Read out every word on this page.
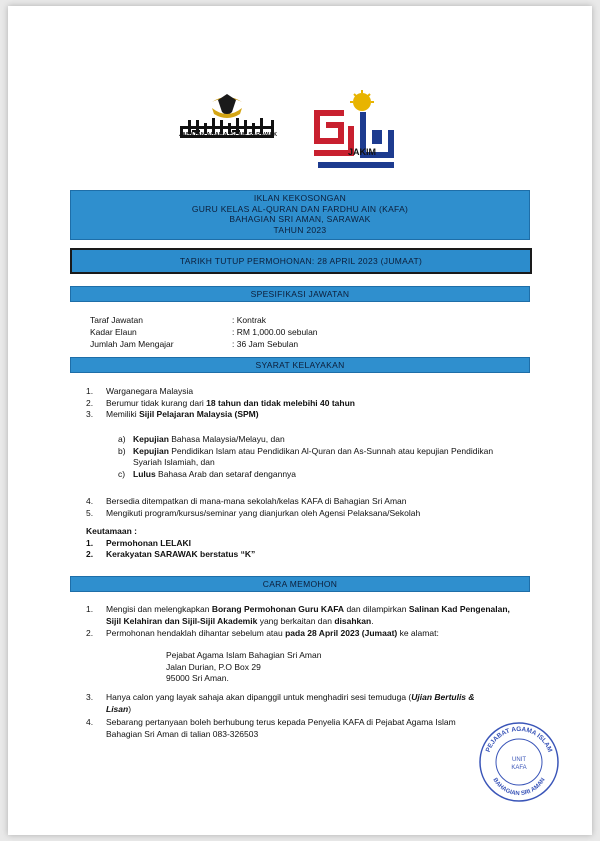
JABATAN AGAMA ISLAM SARAWAK
JAKIM
IKLAN KEKOSONGAN
GURU KELAS AL-QURAN DAN FARDHU AIN (KAFA)
BAHAGIAN SRI AMAN, SARAWAK
TAHUN 2023
TARIKH TUTUP PERMOHONAN: 28 APRIL 2023 (JUMAAT)
SPESIFIKASI JAWATAN
Taraf Jawatan	: Kontrak
Kadar Elaun	: RM 1,000.00 sebulan
Jumlah Jam Mengajar	: 36 Jam Sebulan
SYARAT KELAYAKAN
1.	Warganegara Malaysia
2.	Berumur tidak kurang dari 18 tahun dan tidak melebihi 40 tahun
3.	Memiliki Sijil Pelajaran Malaysia (SPM)
a) Kepujian Bahasa Malaysia/Melayu, dan
b) Kepujian Pendidikan Islam atau Pendidikan Al-Quran dan As-Sunnah atau kepujian Pendidikan Syariah Islamiah, dan
c) Lulus Bahasa Arab dan setaraf dengannya
4.	Bersedia ditempatkan di mana-mana sekolah/kelas KAFA di Bahagian Sri Aman
5.	Mengikuti program/kursus/seminar yang dianjurkan oleh Agensi Pelaksana/Sekolah
Keutamaan :
1.	Permohonan LELAKI
2.	Kerakyatan SARAWAK berstatus “K”
CARA MEMOHON
1.	Mengisi dan melengkapkan Borang Permohonan Guru KAFA dan dilampirkan Salinan Kad Pengenalan, Sijil Kelahiran dan Sijil-Sijil Akademik yang berkaitan dan disahkan.
2.	Permohonan hendaklah dihantar sebelum atau pada 28 April 2023 (Jumaat) ke alamat:
Pejabat Agama Islam Bahagian Sri Aman
Jalan Durian, P.O Box 29
95000 Sri Aman.
3.	Hanya calon yang layak sahaja akan dipanggil untuk menghadiri sesi temuduga (Ujian Bertulis & Lisan)
4.	Sebarang pertanyaan boleh berhubung terus kepada Penyelia KAFA di Pejabat Agama Islam Bahagian Sri Aman di talian 083-326503
PEJABAT AGAMA ISLAM
BAHAGIAN SRI AMAN
UNIT
KAFA
